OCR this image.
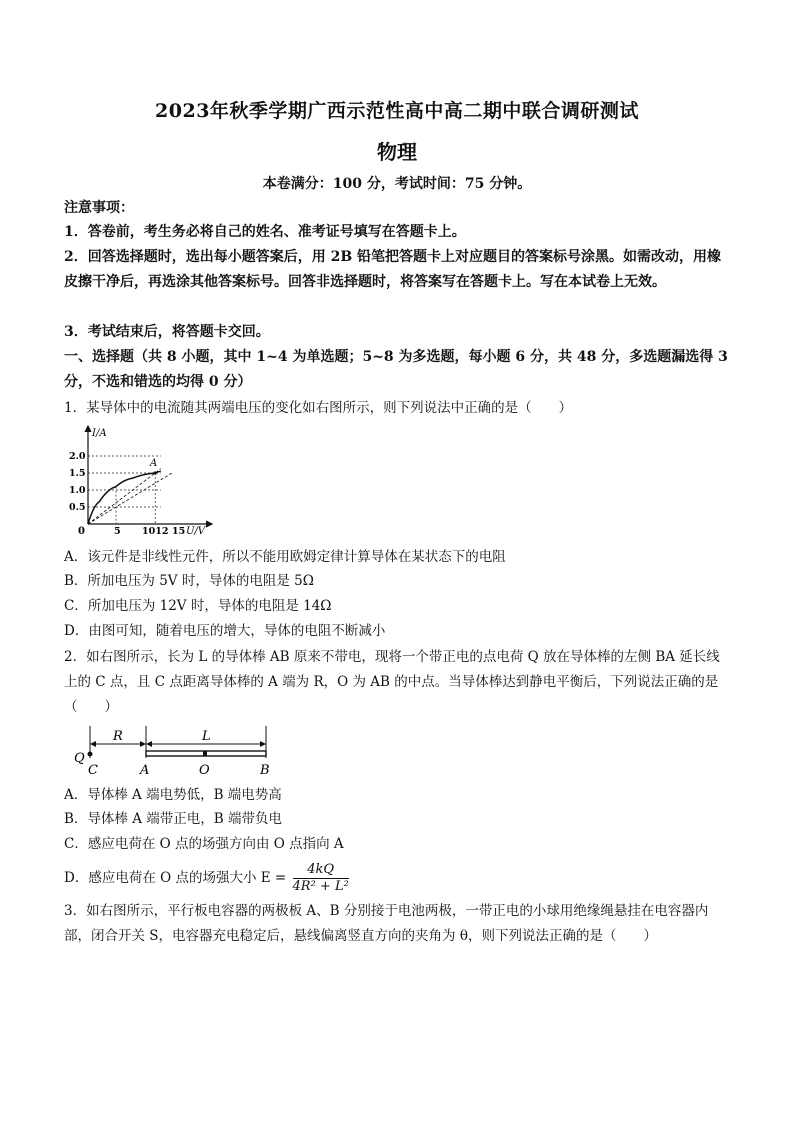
2023年秋季学期广西示范性高中高二期中联合调研测试
物理
本卷满分：100 分，考试时间：75 分钟。
注意事项：
1．答卷前，考生务必将自己的姓名、准考证号填写在答题卡上。
2．回答选择题时，选出每小题答案后，用 2B 铅笔把答题卡上对应题目的答案标号涂黑。如需改动，用橡皮擦干净后，再选涂其他答案标号。回答非选择题时，将答案写在答题卡上。写在本试卷上无效。
3．考试结束后，将答题卡交回。
一、选择题（共 8 小题，其中 1~4 为单选题；5~8 为多选题，每小题 6 分，共 48 分，多选题漏选得 3 分，不选和错选的均得 0 分）
1．某导体中的电流随其两端电压的变化如右图所示，则下列说法中正确的是（　　）
I/A
U/V
0
2.0
1.5
1.0
0.5
5 1012 15
A
A．该元件是非线性元件，所以不能用欧姆定律计算导体在某状态下的电阻
B．所加电压为 5V 时，导体的电阻是 5Ω
C．所加电压为 12V 时，导体的电阻是 14Ω
D．由图可知，随着电压的增大，导体的电阻不断减小
2．如右图所示，长为 L 的导体棒 AB 原来不带电，现将一个带正电的点电荷 Q 放在导体棒的左侧 BA 延长线上的 C 点，且 C 点距离导体棒的 A 端为 R，O 为 AB 的中点。当导体棒达到静电平衡后，下列说法正确的是（　　）
R	L
Q
C	A	O	B
A．导体棒 A 端电势低，B 端电势高
B．导体棒 A 端带正电，B 端带负电
C．感应电荷在 O 点的场强方向由 O 点指向 A
D．感应电荷在 O 点的场强大小 $E = \frac{4kQ}{\text{4R² + L²}}$
3．如右图所示，平行板电容器的两极板 A、B 分别接于电池两极，一带正电的小球用绝缘绳悬挂在电容器内部，闭合开关 S，电容器充电稳定后，悬线偏离竖直方向的夹角为 θ，则下列说法正确的是（　　）
